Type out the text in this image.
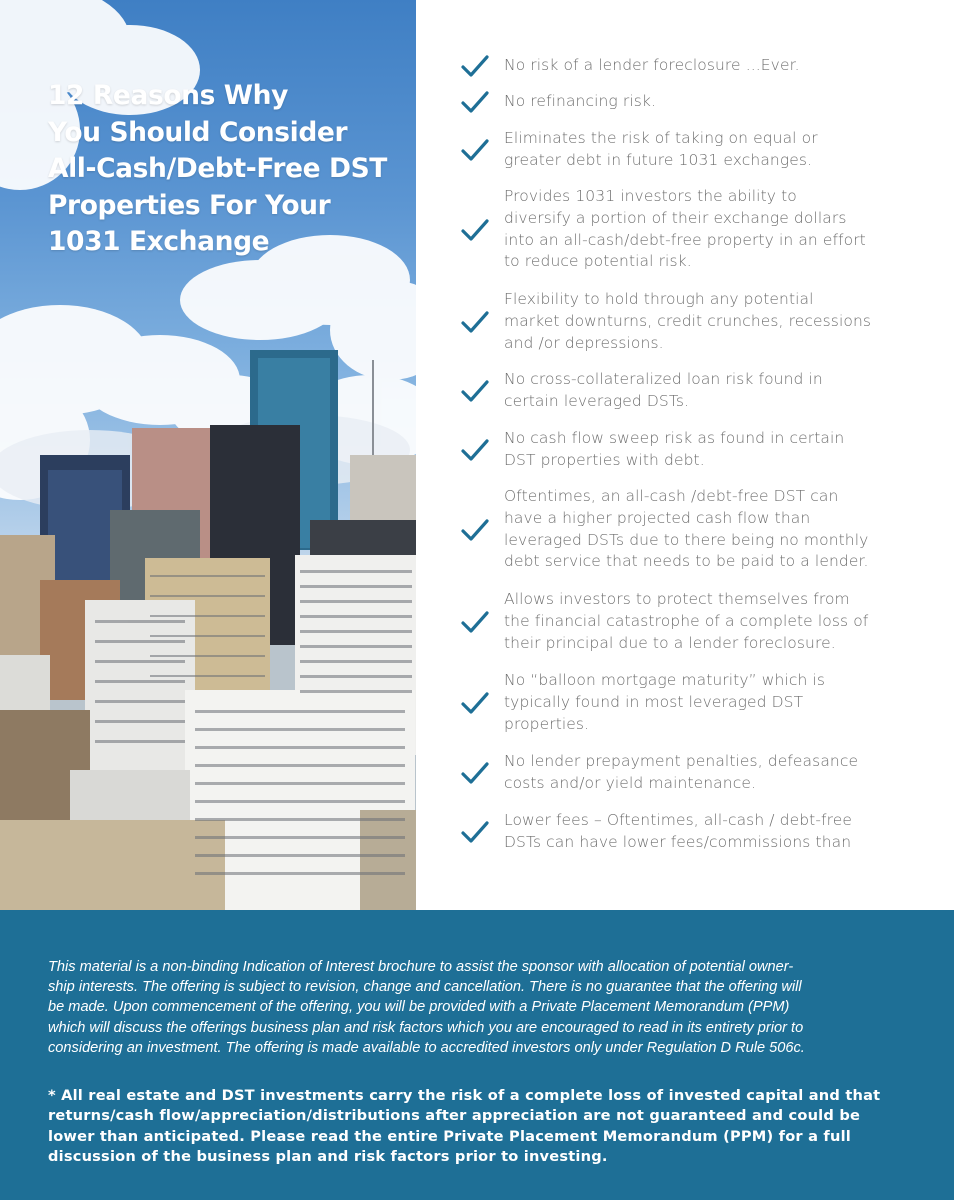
12 Reasons Why
You Should Consider
All-Cash/Debt-Free DST
Properties For Your
1031 Exchange
No risk of a lender foreclosure ...Ever.
No refinancing risk.
Eliminates the risk of taking on equal or
greater debt in future 1031 exchanges.
Provides 1031 investors the ability to
diversify a portion of their exchange dollars
into an all-cash/debt-free property in an effort
to reduce potential risk.
Flexibility to hold through any potential
market downturns, credit crunches, recessions
and /or depressions.
No cross-collateralized loan risk found in
certain leveraged DSTs.
No cash flow sweep risk as found in certain
DST properties with debt.
Oftentimes, an all-cash /debt-free DST can
have a higher projected cash flow than
leveraged DSTs due to there being no monthly
debt service that needs to be paid to a lender.
Allows investors to protect themselves from
the financial catastrophe of a complete loss of
their principal due to a lender foreclosure.
No “balloon mortgage maturity” which is
typically found in most leveraged DST
properties.
No lender prepayment penalties, defeasance
costs and/or yield maintenance.
Lower fees – Oftentimes, all-cash / debt-free
DSTs can have lower fees/commissions than
This material is a non-binding Indication of Interest brochure to assist the sponsor with allocation of potential owner-
ship interests. The offering is subject to revision, change and cancellation. There is no guarantee that the offering will
be made. Upon commencement of the offering, you will be provided with a Private Placement Memorandum (PPM)
which will discuss the offerings business plan and risk factors which you are encouraged to read in its entirety prior to
considering an investment. The offering is made available to accredited investors only under Regulation D Rule 506c.
* All real estate and DST investments carry the risk of a complete loss of invested capital and that
returns/cash flow/appreciation/distributions after appreciation are not guaranteed and could be
lower than anticipated. Please read the entire Private Placement Memorandum (PPM) for a full
discussion of the business plan and risk factors prior to investing.
